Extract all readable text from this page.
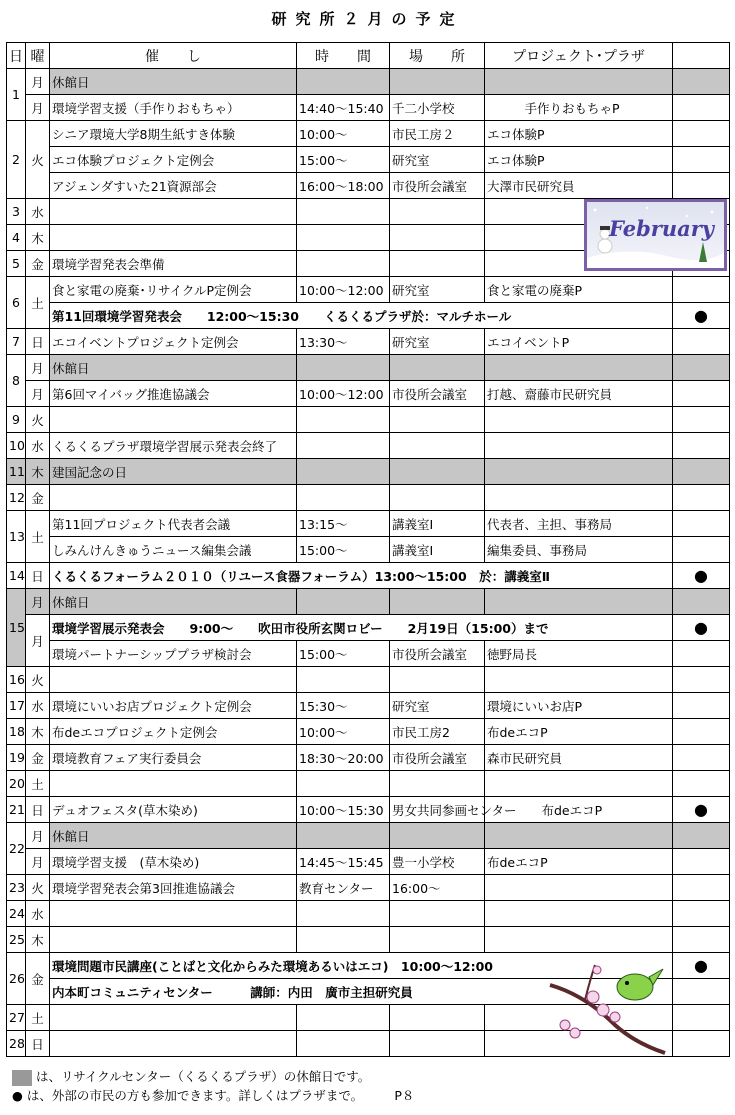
研究所２月の予定
日	曜	催　　し	時　　間	場　　所	プロジェクト･プラザ	
1	月	休館日				
	月	環境学習支援（手作りおもちゃ）	14:40～15:40	千二小学校	　　　手作りおもちゃP	
2	火	シニア環境大学8期生紙すき体験	10:00～	市民工房２	エコ体験P	
		エコ体験プロジェクト定例会	15:00～	研究室	エコ体験P	
		アジェンダすいた21資源部会	16:00～18:00	市役所会議室	大澤市民研究員	
3	水					
4	木					
5	金	環境学習発表会準備				
6	土	食と家電の廃棄･リサイクルP定例会	10:00～12:00	研究室	食と家電の廃棄P	
		第11回環境学習発表会　　12:00～15:30　　くるくるプラザ於：マルチホール				●
7	日	エコイベントプロジェクト定例会	13:30～	研究室	エコイベントP	
8	月	休館日				
	月	第6回マイバッグ推進協議会	10:00～12:00	市役所会議室	打越、齋藤市民研究員	
9	火					
10	水	くるくるプラザ環境学習展示発表会終了				
11	木	建国記念の日				
12	金					
13	土	第11回プロジェクト代表者会議	13:15～	講義室Ⅰ	代表者、主担、事務局	
		しみんけんきゅうニュース編集会議	15:00～	講義室Ⅰ	編集委員、事務局	
14	日	くるくるフォーラム２０１０（リユース食器フォーラム）13:00～15:00　於：講義室Ⅱ				●
15	月	休館日				
	月	環境学習展示発表会　　9:00～　　吹田市役所玄関ロビー　　2月19日（15:00）まで				●
		環境パートナーシッププラザ検討会	15:00～	市役所会議室	徳野局長	
16	火					
17	水	環境にいいお店プロジェクト定例会	15:30～	研究室	環境にいいお店P	
18	木	布deエコプロジェクト定例会	10:00～	市民工房2	布deエコP	
19	金	環境教育フェア実行委員会	18:30～20:00	市役所会議室	森市民研究員	
20	土					
21	日	デュオフェスタ(草木染め)	10:00～15:30	男女共同参画センター　　布deエコP		●
22	月	休館日				
	月	環境学習支援　(草木染め)	14:45～15:45	豊一小学校	布deエコP	
23	火	環境学習発表会第3回推進協議会	教育センター	16:00～		
24	水					
25	木					
26	金	環境問題市民講座(ことばと文化からみた環境あるいはエコ)　10:00～12:00				●
		内本町コミュニティセンター　　　講師：内田　廣市主担研究員				
27	土					
28	日					
February
は、リサイクルセンター（くるくるプラザ）の休館日です。
● は、外部の市民の方も参加できます。詳しくはプラザまで。　　　P８
